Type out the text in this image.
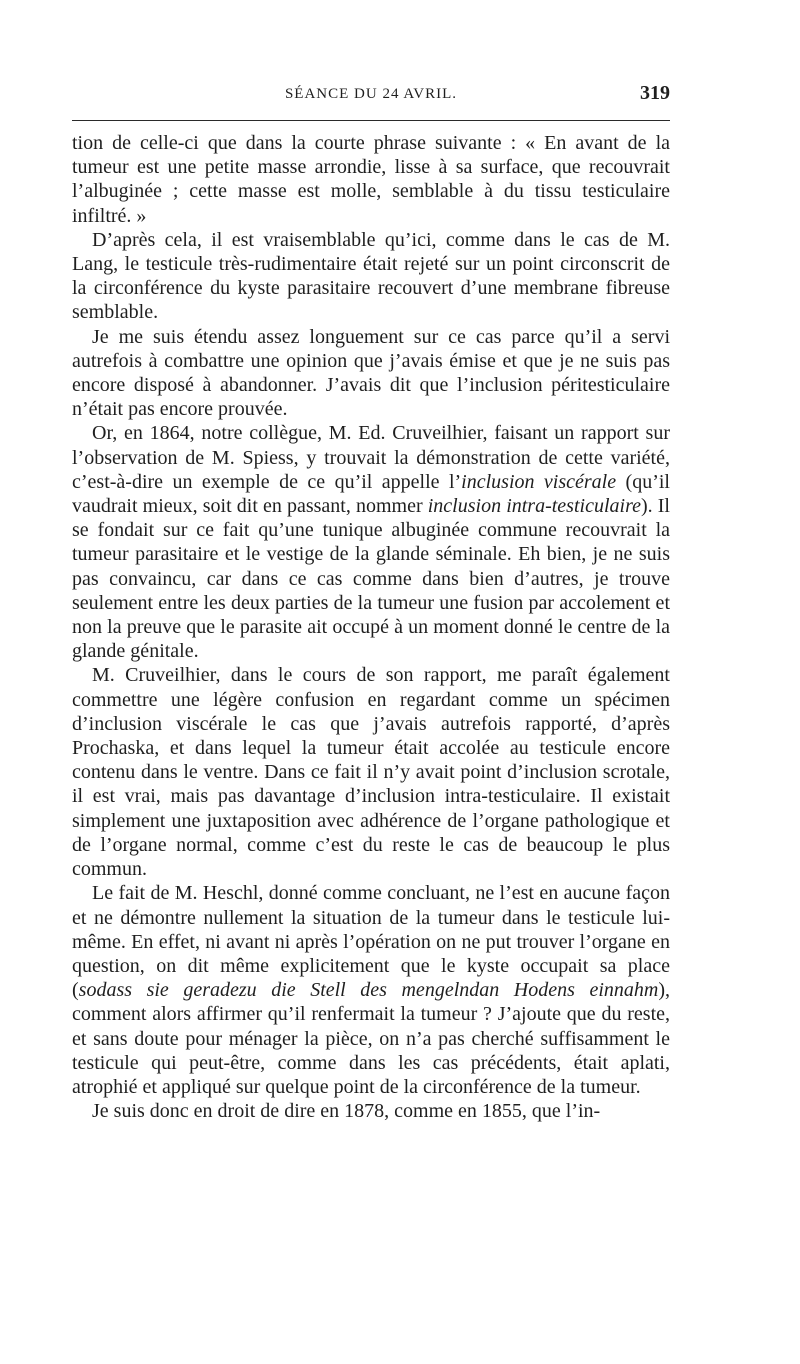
SÉANCE DU 24 AVRIL.	319

tion de celle-ci que dans la courte phrase suivante : « En avant de la tumeur est une petite masse arrondie, lisse à sa surface, que recouvrait l’albuginée ; cette masse est molle, semblable à du tissu testiculaire infiltré. »

D’après cela, il est vraisemblable qu’ici, comme dans le cas de M. Lang, le testicule très-rudimentaire était rejeté sur un point circonscrit de la circonférence du kyste parasitaire recouvert d’une membrane fibreuse semblable.

Je me suis étendu assez longuement sur ce cas parce qu’il a servi autrefois à combattre une opinion que j’avais émise et que je ne suis pas encore disposé à abandonner. J’avais dit que l’inclusion péritesticulaire n’était pas encore prouvée.

Or, en 1864, notre collègue, M. Ed. Cruveilhier, faisant un rapport sur l’observation de M. Spiess, y trouvait la démonstration de cette variété, c’est-à-dire un exemple de ce qu’il appelle l’inclusion viscérale (qu’il vaudrait mieux, soit dit en passant, nommer inclusion intra-testiculaire). Il se fondait sur ce fait qu’une tunique albuginée commune recouvrait la tumeur parasitaire et le vestige de la glande séminale. Eh bien, je ne suis pas convaincu, car dans ce cas comme dans bien d’autres, je trouve seulement entre les deux parties de la tumeur une fusion par accolement et non la preuve que le parasite ait occupé à un moment donné le centre de la glande génitale.

M. Cruveilhier, dans le cours de son rapport, me paraît également commettre une légère confusion en regardant comme un spécimen d’inclusion viscérale le cas que j’avais autrefois rapporté, d’après Prochaska, et dans lequel la tumeur était accolée au testicule encore contenu dans le ventre. Dans ce fait il n’y avait point d’inclusion scrotale, il est vrai, mais pas davantage d’inclusion intra-testiculaire. Il existait simplement une juxtaposition avec adhérence de l’organe pathologique et de l’organe normal, comme c’est du reste le cas de beaucoup le plus commun.

Le fait de M. Heschl, donné comme concluant, ne l’est en aucune façon et ne démontre nullement la situation de la tumeur dans le testicule lui-même. En effet, ni avant ni après l’opération on ne put trouver l’organe en question, on dit même explicitement que le kyste occupait sa place (sodass sie geradezu die Stell des mengelndan Hodens einnahm), comment alors affirmer qu’il renfermait la tumeur ? J’ajoute que du reste, et sans doute pour ménager la pièce, on n’a pas cherché suffisamment le testicule qui peut-être, comme dans les cas précédents, était aplati, atrophié et appliqué sur quelque point de la circonférence de la tumeur.

Je suis donc en droit de dire en 1878, comme en 1855, que l’in-
